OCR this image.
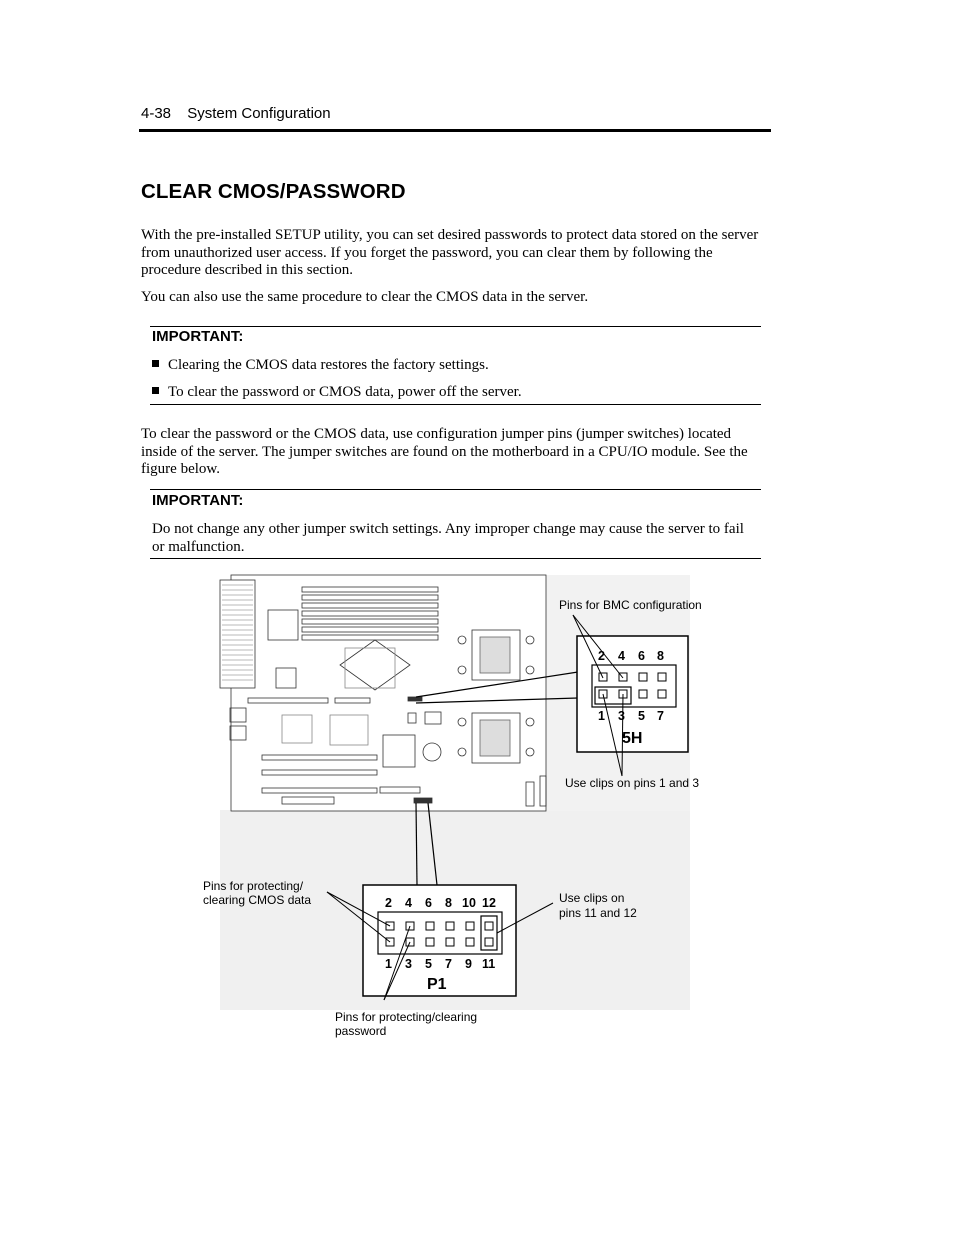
4-38 System Configuration
CLEAR CMOS/PASSWORD

With the pre-installed SETUP utility, you can set desired passwords to protect data stored on the server from unauthorized user access. If you forget the password, you can clear them by following the procedure described in this section.

You can also use the same procedure to clear the CMOS data in the server.

IMPORTANT:
Clearing the CMOS data restores the factory settings.
To clear the password or CMOS data, power off the server.

To clear the password or the CMOS data, use configuration jumper pins (jumper switches) located inside of the server. The jumper switches are found on the motherboard in a CPU/IO module. See the figure below.

IMPORTANT:

Do not change any other jumper switch settings. Any improper change may cause the server to fail or malfunction.

2 4 6 8
1 3 5 7
5H
Pins for BMC configuration
Use clips on pins 1 and 3
2 4 6 8 10 12
1 3 5 7 9 11
P1
Pins for protecting/
clearing CMOS data	Use clips on
pins 11 and 12
Pins for protecting/clearing
password
